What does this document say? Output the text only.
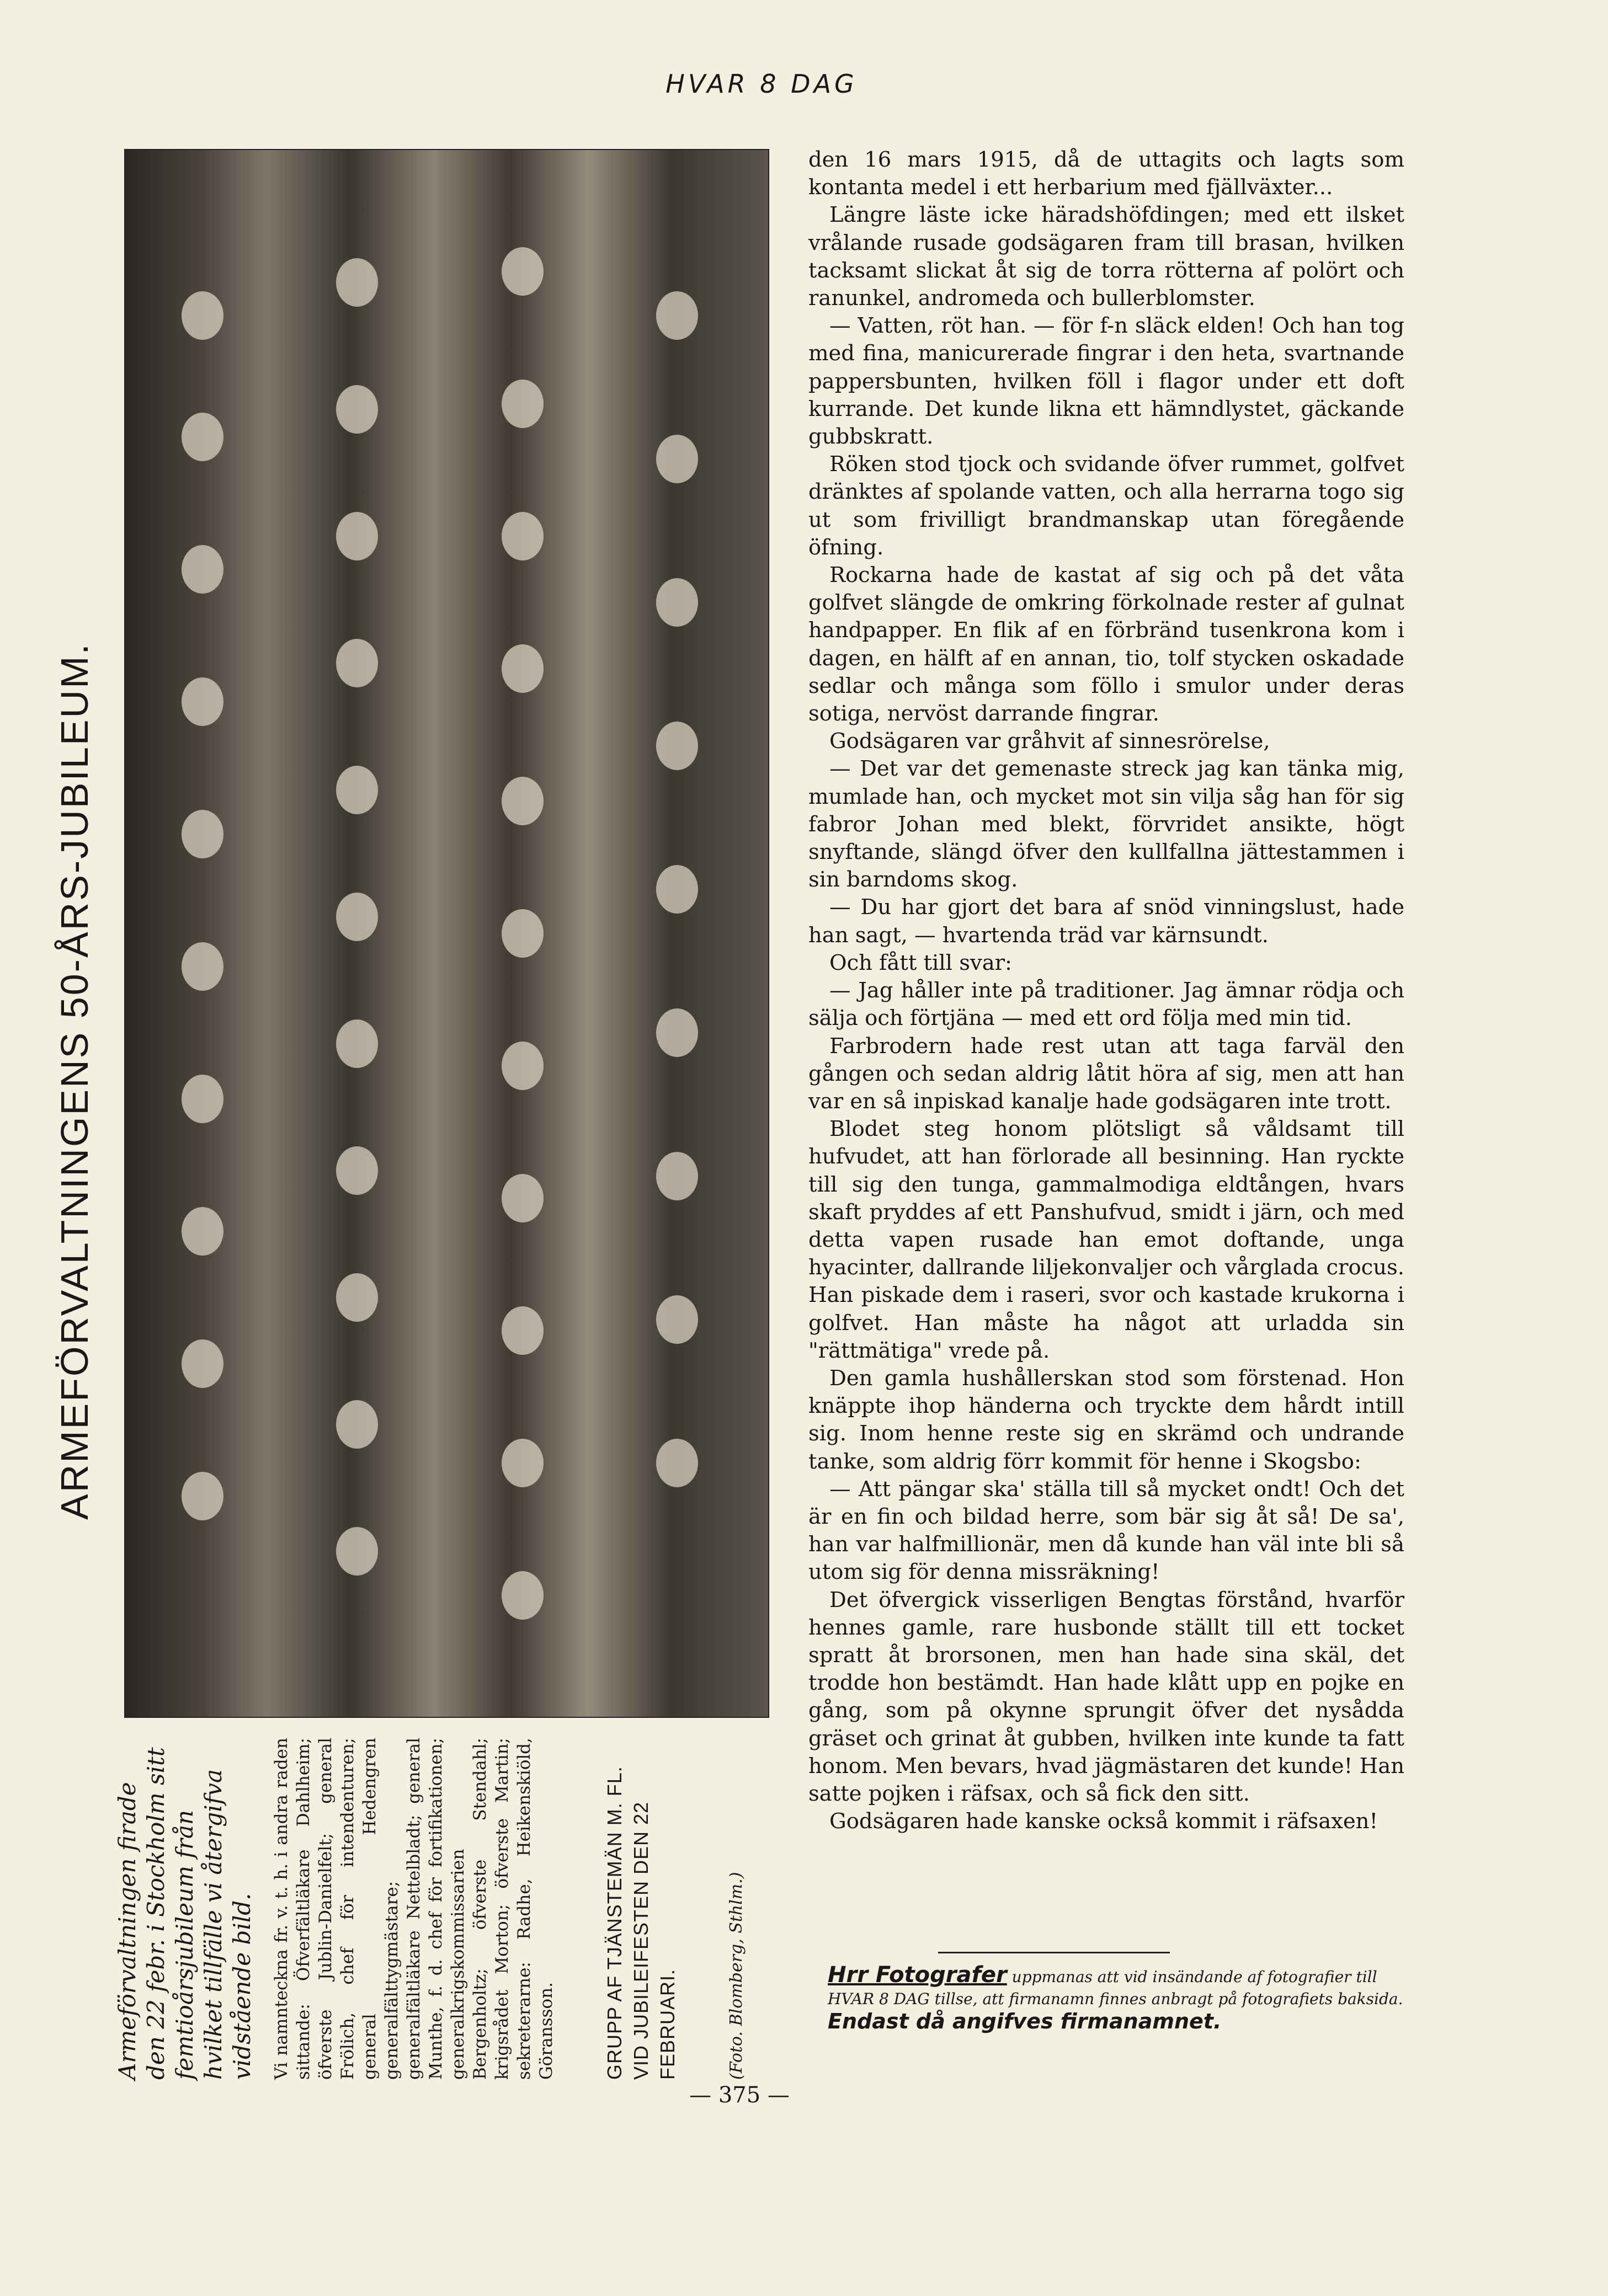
HVAR 8 DAG
ARMEFÖRVALTNINGENS 50-ÅRS-JUBILEUM.
Armeförvaltningen firade den 22 febr. i Stockholm sitt femtioårsjubileum från hvilket tillfälle vi återgifva vidstående bild. Vi namnteckna fr. v. t. h. i andra raden sittande: Öfverfältläkare Dahlheim; öfverste Jublin-Danielfelt; general Frölich, chef för intendenturen; general Hedengren generalfälttygmästare; generalfältläkare Nettelbladt; general Munthe, f. d. chef för fortifikationen; generalkrigskommissarien Bergenholtz; öfverste Stendahl; krigsrådet Morton; öfverste Martin; sekreterarne: Radhe, Heikenskiöld, Göransson. GRUPP AF TJÄNSTEMÄN M. FL. VID JUBILEIFESTEN DEN 22 FEBRUARI.	(Foto. Blomberg, Sthlm.)

den 16 mars 1915, då de uttagits och lagts som kontanta medel i ett herbarium med fjällväxter...

Längre läste icke häradshöfdingen; med ett ilsket vrålande rusade godsägaren fram till brasan, hvilken tacksamt slickat åt sig de torra rötterna af polört och ranunkel, andromeda och bullerblomster.

— Vatten, röt han. — för f-n släck elden! Och han tog med fina, manicurerade fingrar i den heta, svartnande pappersbunten, hvilken föll i flagor under ett doft kurrande. Det kunde likna ett hämndlystet, gäckande gubbskratt.

Röken stod tjock och svidande öfver rummet, golfvet dränktes af spolande vatten, och alla herrarna togo sig ut som frivilligt brandmanskap utan föregående öfning.

Rockarna hade de kastat af sig och på det våta golfvet slängde de omkring förkolnade rester af gulnat handpapper. En flik af en förbränd tusenkrona kom i dagen, en hälft af en annan, tio, tolf stycken oskadade sedlar och många som föllo i smulor under deras sotiga, nervöst darrande fingrar.

Godsägaren var gråhvit af sinnesrörelse,

— Det var det gemenaste streck jag kan tänka mig, mumlade han, och mycket mot sin vilja såg han för sig fabror Johan med blekt, förvridet ansikte, högt snyftande, slängd öfver den kullfallna jättestammen i sin barndoms skog.

— Du har gjort det bara af snöd vinningslust, hade han sagt, — hvartenda träd var kärnsundt.

Och fått till svar:

— Jag håller inte på traditioner. Jag ämnar rödja och sälja och förtjäna — med ett ord följa med min tid.

Farbrodern hade rest utan att taga farväl den gången och sedan aldrig låtit höra af sig, men att han var en så inpiskad kanalje hade godsägaren inte trott.

Blodet steg honom plötsligt så våldsamt till hufvudet, att han förlorade all besinning. Han ryckte till sig den tunga, gammalmodiga eldtången, hvars skaft pryddes af ett Panshufvud, smidt i järn, och med detta vapen rusade han emot doftande, unga hyacinter, dallrande liljekonvaljer och vårglada crocus. Han piskade dem i raseri, svor och kastade krukorna i golfvet. Han måste ha något att urladda sin "rättmätiga" vrede på.

Den gamla hushållerskan stod som förstenad. Hon knäppte ihop händerna och tryckte dem hårdt intill sig. Inom henne reste sig en skrämd och undrande tanke, som aldrig förr kommit för henne i Skogsbo:

— Att pängar ska' ställa till så mycket ondt! Och det är en fin och bildad herre, som bär sig åt så! De sa', han var halfmillionär, men då kunde han väl inte bli så utom sig för denna missräkning!

Det öfvergick visserligen Bengtas förstånd, hvarför hennes gamle, rare husbonde ställt till ett tocket spratt åt brorsonen, men han hade sina skäl, det trodde hon bestämdt. Han hade klått upp en pojke en gång, som på okynne sprungit öfver det nysådda gräset och grinat åt gubben, hvilken inte kunde ta fatt honom. Men bevars, hvad jägmästaren det kunde! Han satte pojken i räfsax, och så fick den sitt.

Godsägaren hade kanske också kommit i räfsaxen!

Hrr Fotografer uppmanas att vid insändande af fotografier till HVAR 8 DAG tillse, att firmanamn finnes anbragt på fotografiets baksida. Endast då angifves firmanamnet.
— 375 —
